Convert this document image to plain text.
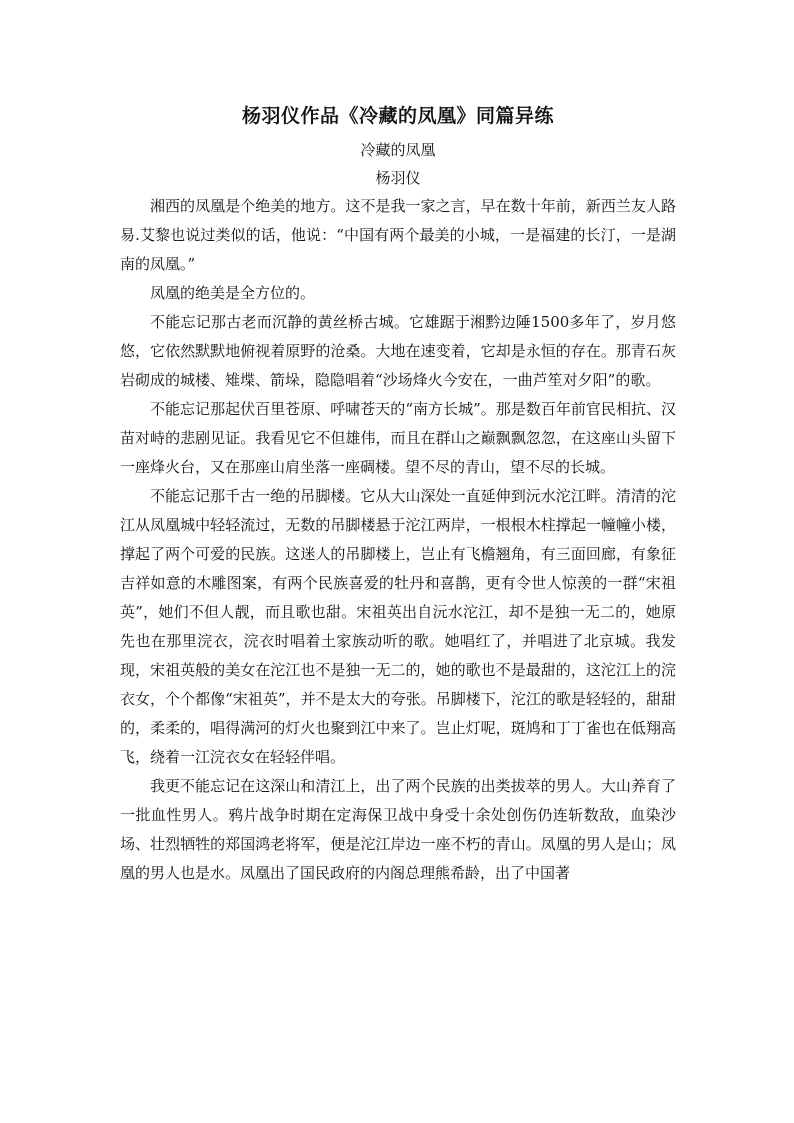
杨羽仪作品《冷藏的凤凰》同篇异练

冷藏的凤凰

杨羽仪

湘西的凤凰是个绝美的地方。这不是我一家之言，早在数十年前，新西兰友人路易.艾黎也说过类似的话，他说：“中国有两个最美的小城，一是福建的长汀，一是湖南的凤凰。”

凤凰的绝美是全方位的。

不能忘记那古老而沉静的黄丝桥古城。它雄踞于湘黔边陲1500多年了，岁月悠悠，它依然默默地俯视着原野的沧桑。大地在速变着，它却是永恒的存在。那青石灰岩砌成的城楼、雉堞、箭垛，隐隐唱着“沙场烽火今安在，一曲芦笙对夕阳”的歌。

不能忘记那起伏百里苍原、呼啸苍天的“南方长城”。那是数百年前官民相抗、汉苗对峙的悲剧见证。我看见它不但雄伟，而且在群山之巅飘飘忽忽，在这座山头留下一座烽火台，又在那座山肩坐落一座碉楼。望不尽的青山，望不尽的长城。

不能忘记那千古一绝的吊脚楼。它从大山深处一直延伸到沅水沱江畔。清清的沱江从凤凰城中轻轻流过，无数的吊脚楼悬于沱江两岸，一根根木柱撑起一幢幢小楼，撑起了两个可爱的民族。这迷人的吊脚楼上，岂止有飞檐翘角，有三面回廊，有象征吉祥如意的木雕图案，有两个民族喜爱的牡丹和喜鹊，更有令世人惊羡的一群“宋祖英”，她们不但人靓，而且歌也甜。宋祖英出自沅水沱江，却不是独一无二的，她原先也在那里浣衣，浣衣时唱着土家族动听的歌。她唱红了，并唱进了北京城。我发现，宋祖英般的美女在沱江也不是独一无二的，她的歌也不是最甜的，这沱江上的浣衣女，个个都像“宋祖英”，并不是太大的夸张。吊脚楼下，沱江的歌是轻轻的，甜甜的，柔柔的，唱得满河的灯火也聚到江中来了。岂止灯呢，斑鸠和丁丁雀也在低翔高飞，绕着一江浣衣女在轻轻伴唱。

我更不能忘记在这深山和清江上，出了两个民族的出类拔萃的男人。大山养育了一批血性男人。鸦片战争时期在定海保卫战中身受十余处创伤仍连斩数敌，血染沙场、壮烈牺牲的郑国鸿老将军，便是沱江岸边一座不朽的青山。凤凰的男人是山；凤凰的男人也是水。凤凰出了国民政府的内阁总理熊希龄，出了中国著
